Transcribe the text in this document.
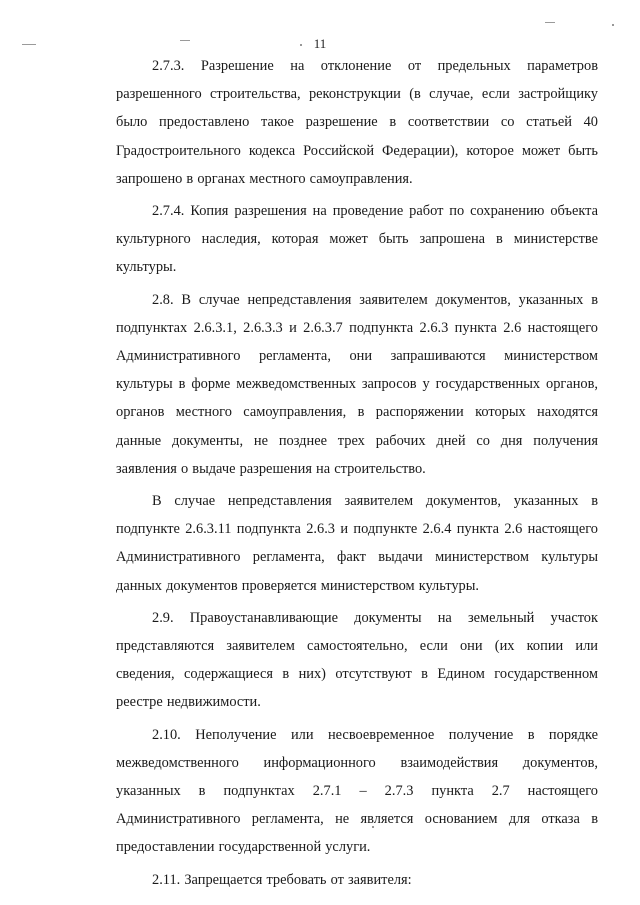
11

2.7.3. Разрешение на отклонение от предельных параметров разрешенного строительства, реконструкции (в случае, если застройщику было предоставлено такое разрешение в соответствии со статьей 40 Градостроительного кодекса Российской Федерации), которое может быть запрошено в органах местного самоуправления.

2.7.4. Копия разрешения на проведение работ по сохранению объекта культурного наследия, которая может быть запрошена в министерстве культуры.

2.8. В случае непредставления заявителем документов, указанных в подпунктах 2.6.3.1, 2.6.3.3 и 2.6.3.7 подпункта 2.6.3 пункта 2.6 настоящего Административного регламента, они запрашиваются министерством культуры в форме межведомственных запросов у государственных органов, органов местного самоуправления, в распоряжении которых находятся данные документы, не позднее трех рабочих дней со дня получения заявления о выдаче разрешения на строительство.

В случае непредставления заявителем документов, указанных в подпункте 2.6.3.11 подпункта 2.6.3 и подпункте 2.6.4 пункта 2.6 настоящего Административного регламента, факт выдачи министерством культуры данных документов проверяется министерством культуры.

2.9. Правоустанавливающие документы на земельный участок представляются заявителем самостоятельно, если они (их копии или сведения, содержащиеся в них) отсутствуют в Едином государственном реестре недвижимости.

2.10. Неполучение или несвоевременное получение в порядке межведомственного информационного взаимодействия документов, указанных в подпунктах 2.7.1 – 2.7.3 пункта 2.7 настоящего Административного регламента, не является основанием для отказа в предоставлении государственной услуги.

2.11. Запрещается требовать от заявителя:
